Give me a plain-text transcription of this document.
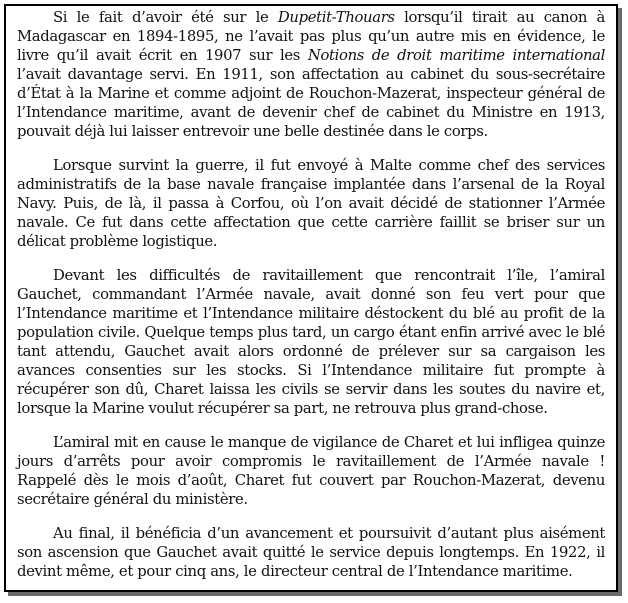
Si le fait d’avoir été sur le Dupetit-Thouars lorsqu’il tirait au canon à Madagascar en 1894-1895, ne l’avait pas plus qu’un autre mis en évidence, le livre qu’il avait écrit en 1907 sur les Notions de droit maritime international l’avait davantage servi. En 1911, son affectation au cabinet du sous-secrétaire d’État à la Marine et comme adjoint de Rouchon-Mazerat, inspecteur général de l’Intendance maritime, avant de devenir chef de cabinet du Ministre en 1913, pouvait déjà lui laisser entrevoir une belle destinée dans le corps.

Lorsque survint la guerre, il fut envoyé à Malte comme chef des services administratifs de la base navale française implantée dans l’arsenal de la Royal Navy. Puis, de là, il passa à Corfou, où l’on avait décidé de stationner l’Armée navale. Ce fut dans cette affectation que cette carrière faillit se briser sur un délicat problème logistique.

Devant les difficultés de ravitaillement que rencontrait l’île, l’amiral Gauchet, commandant l’Armée navale, avait donné son feu vert pour que l’Intendance maritime et l’Intendance militaire déstockent du blé au profit de la population civile. Quelque temps plus tard, un cargo étant enfin arrivé avec le blé tant attendu, Gauchet avait alors ordonné de prélever sur sa cargaison les avances consenties sur les stocks. Si l’Intendance militaire fut prompte à récupérer son dû, Charet laissa les civils se servir dans les soutes du navire et, lorsque la Marine voulut récupérer sa part, ne retrouva plus grand-chose.

L’amiral mit en cause le manque de vigilance de Charet et lui infligea quinze jours d’arrêts pour avoir compromis le ravitaillement de l’Armée navale ! Rappelé dès le mois d’août, Charet fut couvert par Rouchon-Mazerat, devenu secrétaire général du ministère.

Au final, il bénéficia d’un avancement et poursuivit d’autant plus aisément son ascension que Gauchet avait quitté le service depuis longtemps. En 1922, il devint même, et pour cinq ans, le directeur central de l’Intendance maritime.
